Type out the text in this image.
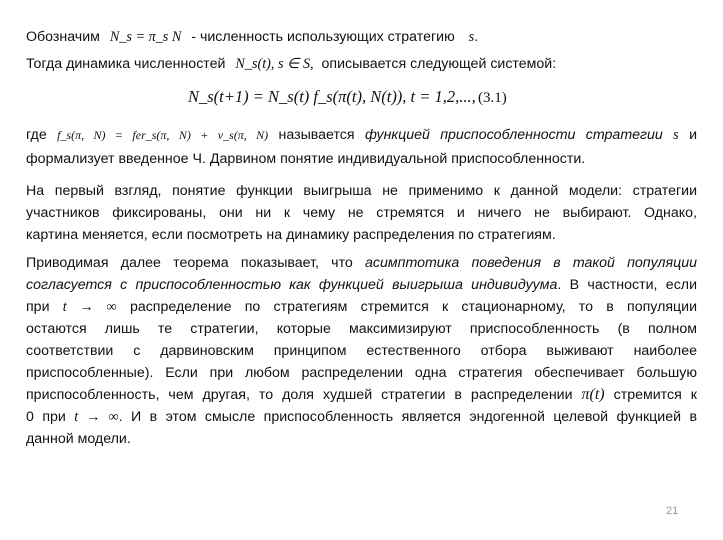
Обозначим N_s = π_s N - численность использующих стратегию s.
Тогда динамика численностей N_s(t), s ∈ S, описывается следующей системой:
N_s(t+1) = N_s(t) f_s(π(t), N(t)), t = 1,2,..., (3.1)
где f_s(π, N) = fer_s(π, N) + v_s(π, N) называется функцией приспособленности стратегии s и
формализует введенное Ч. Дарвином понятие индивидуальной приспособленности.
На первый взгляд, понятие функции выигрыша не применимо к данной модели: стратегии
участников фиксированы, они ни к чему не стремятся и ничего не выбирают. Однако,
картина меняется, если посмотреть на динамику распределения по стратегиям.
Приводимая далее теорема показывает, что асимптотика поведения в такой популяции
согласуется с приспособленностью как функцией выигрыша индивидуума. В частности, если
при t → ∞ распределение по стратегиям стремится к стационарному, то в популяции
остаются лишь те стратегии, которые максимизируют приспособленность (в полном
соответствии с дарвиновским принципом естественного отбора выживают наиболее
приспособленные). Если при любом распределении одна стратегия обеспечивает большую
приспособленность, чем другая, то доля худшей стратегии в распределении π(t) стремится к
0 при t → ∞. И в этом смысле приспособленность является эндогенной целевой функцией в
данной модели.
21
